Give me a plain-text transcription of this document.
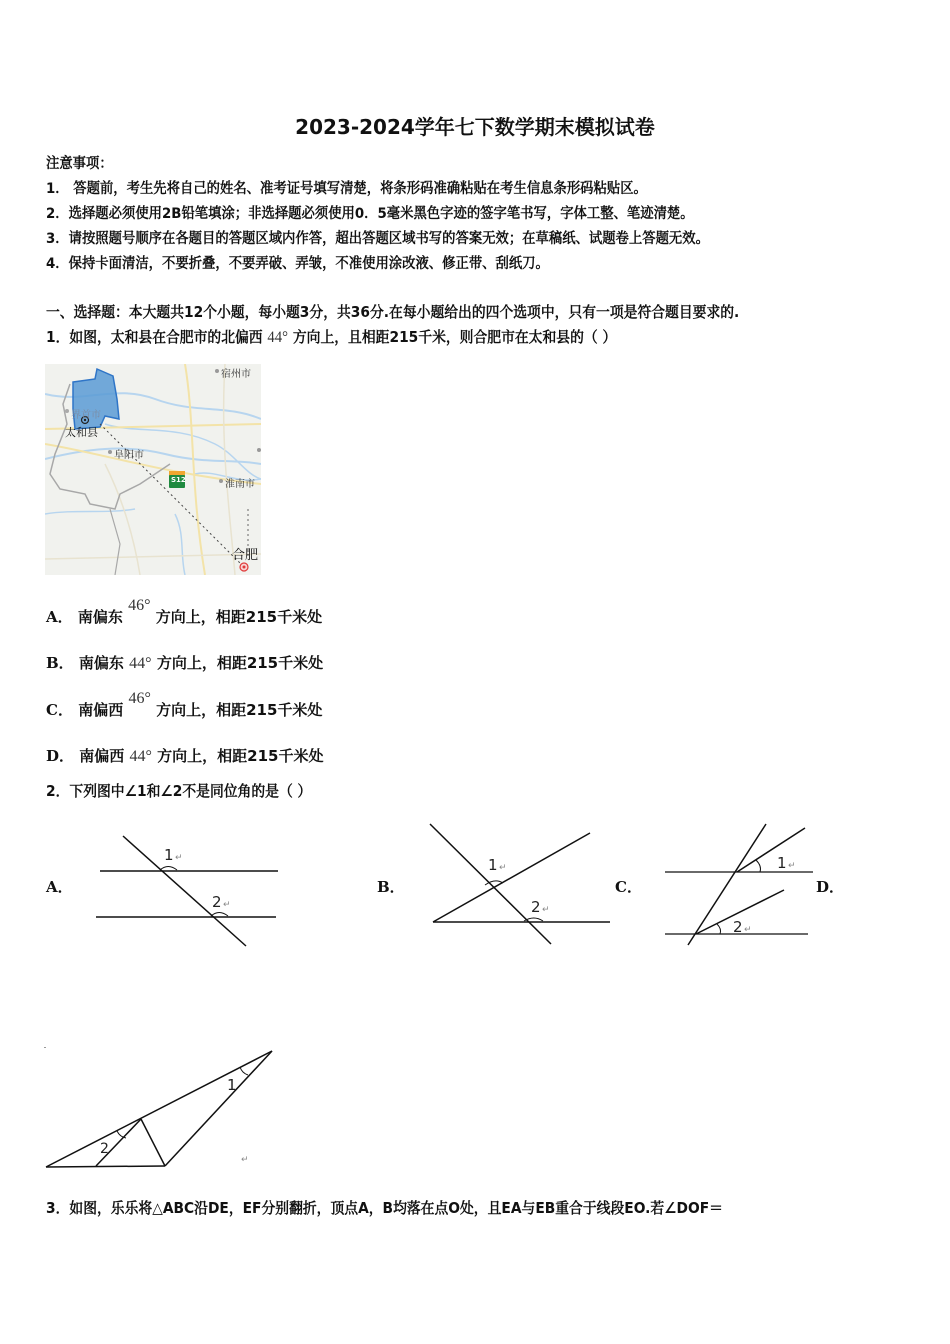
2023-2024学年七下数学期末模拟试卷
注意事项：
1． 答题前，考生先将自己的姓名、准考证号填写清楚，将条形码准确粘贴在考生信息条形码粘贴区。
2．选择题必须使用2B铅笔填涂；非选择题必须使用0．5毫米黑色字迹的签字笔书写，字体工整、笔迹清楚。
3．请按照题号顺序在各题目的答题区域内作答，超出答题区域书写的答案无效；在草稿纸、试题卷上答题无效。
4．保持卡面清洁，不要折叠，不要弄破、弄皱，不准使用涂改液、修正带、刮纸刀。
一、选择题：本大题共12个小题，每小题3分，共36分.在每小题给出的四个选项中，只有一项是符合题目要求的.
1．如图，太和县在合肥市的北偏西 44° 方向上，且相距215千米，则合肥市在太和县的（ ）
宿州市
界首市
太和县
阜阳市
S12	淮南市
合肥
A． 南偏东 46° 方向上，相距215千米处
B． 南偏东 44° 方向上，相距215千米处
C． 南偏西 46° 方向上，相距215千米处
D． 南偏西 44° 方向上，相距215千米处
2．下列图中∠1和∠2不是同位角的是（ ）
A．	B．	C．	D．
1 ↵
2 ↵
1 ↵
2 ↵
1 ↵
2 ↵
1
2
↵
3．如图，乐乐将△ABC沿DE，EF分别翻折，顶点A，B均落在点O处，且EA与EB重合于线段EO.若∠DOF＝
